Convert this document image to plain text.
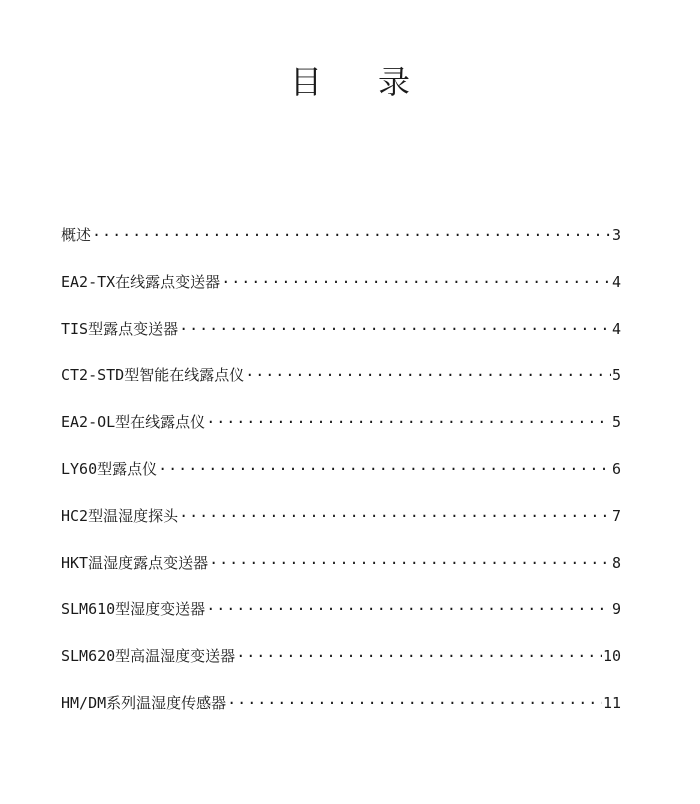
目 录
概述 ·····	3
EA2-TX在线露点变送器 ·····	4
TIS型露点变送器 ·····	4
CT2-STD型智能在线露点仪 ·····	5
EA2-OL型在线露点仪 ·····	5
LY60型露点仪 ·····	6
HC2型温湿度探头 ·····	7
HKT温湿度露点变送器 ·····	8
SLM610型湿度变送器 ·····	9
SLM620型高温湿度变送器 ·····	10
HM/DM系列温湿度传感器 ·····	11
